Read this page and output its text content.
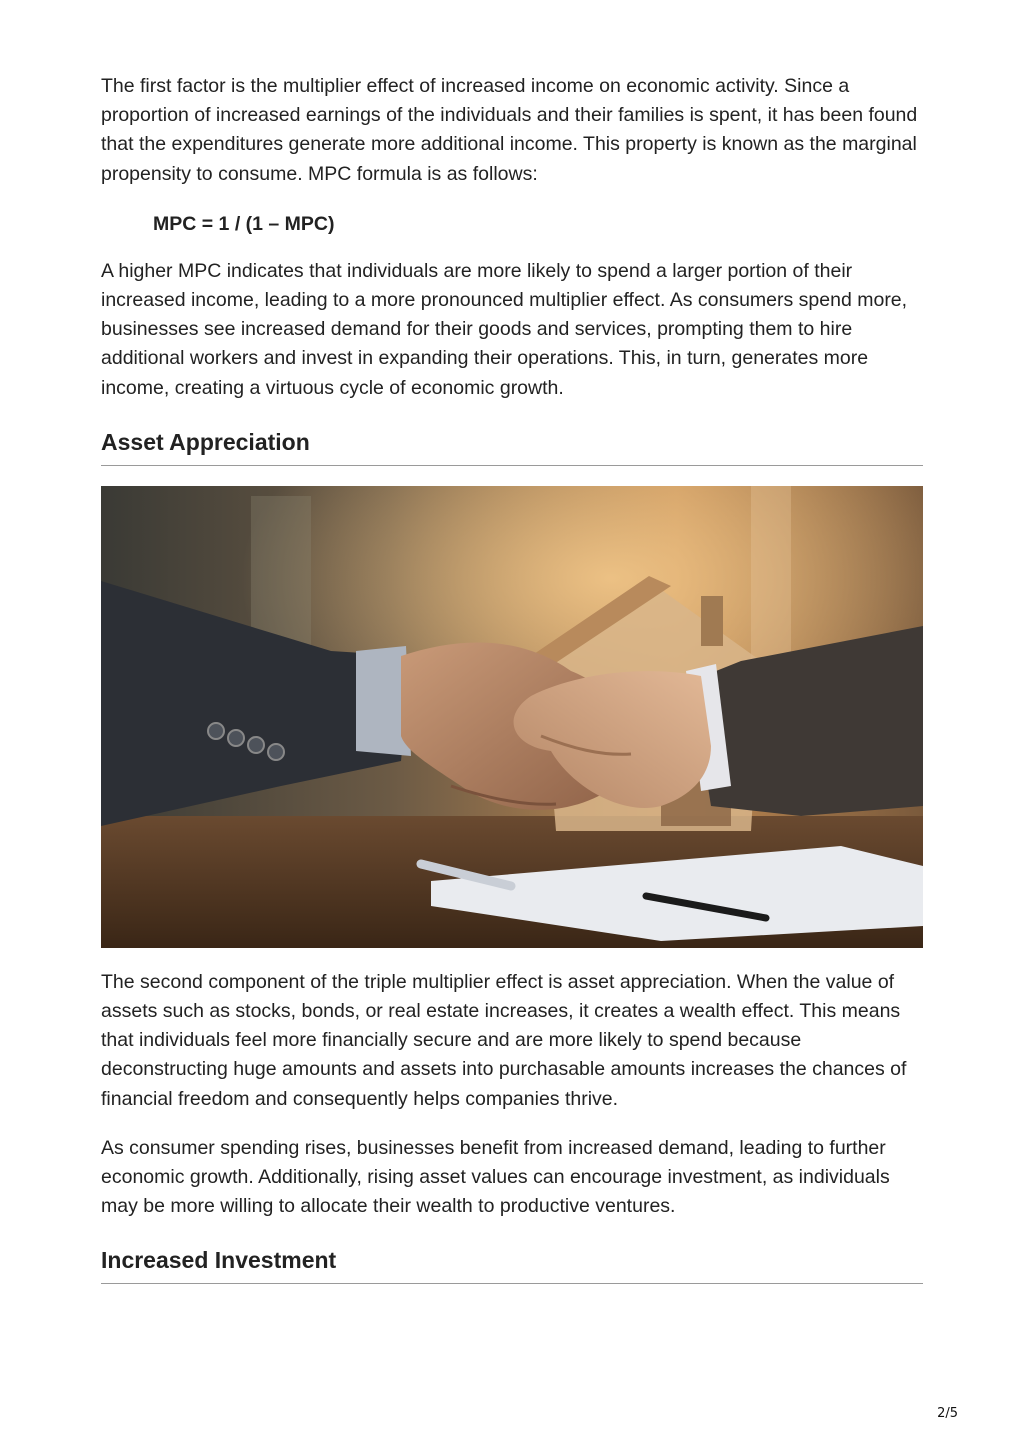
The first factor is the multiplier effect of increased income on economic activity. Since a proportion of increased earnings of the individuals and their families is spent, it has been found that the expenditures generate more additional income. This property is known as the marginal propensity to consume. MPC formula is as follows:

MPC = 1 / (1 – MPC)

A higher MPC indicates that individuals are more likely to spend a larger portion of their increased income, leading to a more pronounced multiplier effect. As consumers spend more, businesses see increased demand for their goods and services, prompting them to hire additional workers and invest in expanding their operations. This, in turn, generates more income, creating a virtuous cycle of economic growth.

Asset Appreciation

The second component of the triple multiplier effect is asset appreciation. When the value of assets such as stocks, bonds, or real estate increases, it creates a wealth effect. This means that individuals feel more financially secure and are more likely to spend because deconstructing huge amounts and assets into purchasable amounts increases the chances of financial freedom and consequently helps companies thrive.

As consumer spending rises, businesses benefit from increased demand, leading to further economic growth. Additionally, rising asset values can encourage investment, as individuals may be more willing to allocate their wealth to productive ventures.

Increased Investment
2/5
